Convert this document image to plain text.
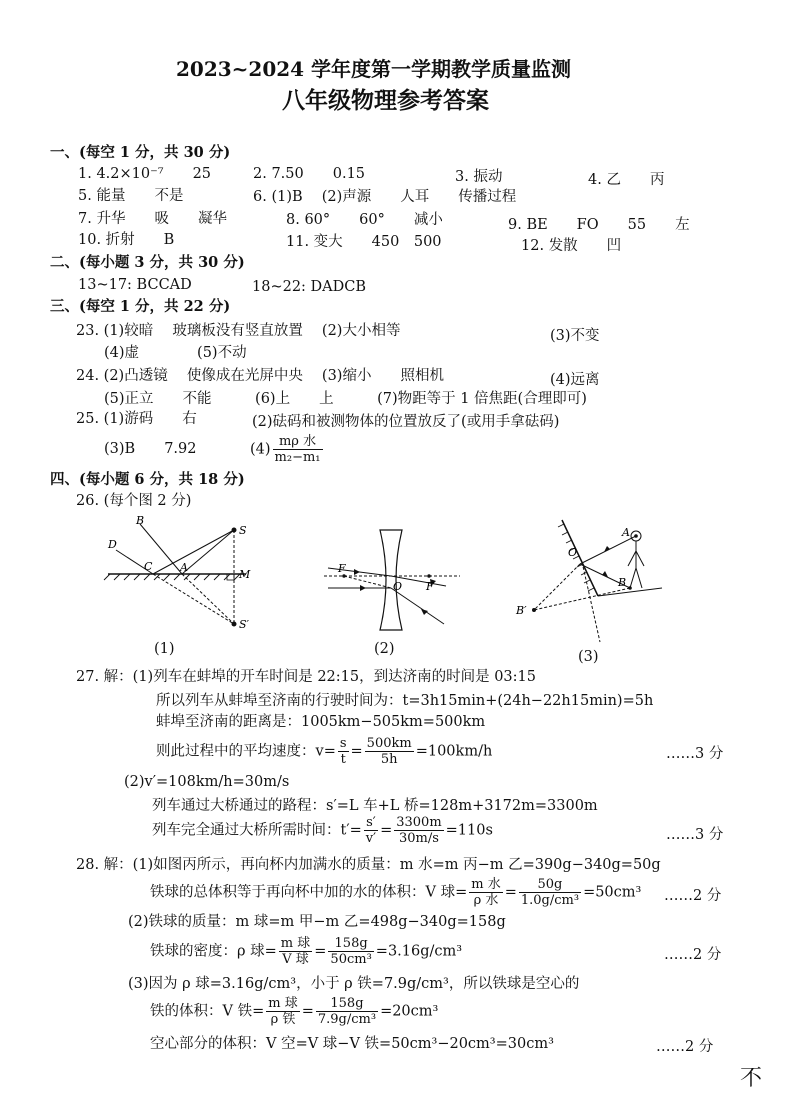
2023~2024 学年度第一学期教学质量监测
八年级物理参考答案
一、(每空 1 分，共 30 分)
1. 4.2×10⁻⁷　　25	2. 7.50　　0.15	3. 振动	4. 乙　　丙
5. 能量　　不是	6. (1)B　 (2)声源　　人耳　　传播过程
7. 升华　　吸　　凝华	8. 60°　　60°　　减小	9. BE　　FO　　55　　左
10. 折射　　B	11. 变大　　450　500	12. 发散　　凹
二、(每小题 3 分，共 30 分)
13~17: BCCAD	18~22: DADCB
三、(每空 1 分，共 22 分)
23. (1)较暗　 玻璃板没有竖直放置　 (2)大小相等	(3)不变
(4)虚　　　　(5)不动
24. (2)凸透镜　 使像成在光屏中央　 (3)缩小　　照相机	(4)远离
(5)正立　　不能　　　(6)上　　上　　　(7)物距等于 1 倍焦距(合理即可)
25. (1)游码　　右	(2)砝码和被测物体的位置放反了(或用手拿砝码)
(3)B　　7.92	$(4) \frac{\text{mρ 水}}{\text{m₂−m₁}}$
四、(每小题 6 分，共 18 分)
26. (每个图 2 分)
B
D
C	A
S
M
S′
(1)
F
O F
(2)
A
O
B
B′
(3)
27. 解：(1)列车在蚌埠的开车时间是 22:15，到达济南的时间是 03:15
所以列车从蚌埠至济南的行驶时间为：t=3h15min+(24h−22h15min)=5h
蚌埠至济南的距离是：1005km−505km=500km
则此过程中的平均速度：$v= \frac{s}{t} = \frac{500km}{5h} =100km/h$	……3 分
(2)v′=108km/h=30m/s
列车通过大桥通过的路程：s′=L 车+L 桥=128m+3172m=3300m
列车完全通过大桥所需时间：$t'= \frac{s'}{v'} = \frac{3300m}{30m/s} =110s$	……3 分
28. 解：(1)如图丙所示，再向杯内加满水的质量：m 水=m 丙−m 乙=390g−340g=50g
铁球的总体积等于再向杯中加的水的体积：V 球= $\frac{\text{m 水}}{\text{ρ 水}} = \frac{50g}{\text{1.0g/cm³}} =50cm^3$ ……2 分
(2)铁球的质量：m 球=m 甲−m 乙=498g−340g=158g
铁球的密度：ρ 球= $\frac{\text{m 球}}{\text{V 球}} = \frac{158g}{\text{50cm³}} =3.16g/cm^3$	……2 分
(3)因为 ρ 球=3.16g/cm³，小于 ρ 铁=7.9g/cm³，所以铁球是空心的
铁的体积：V 铁= $\frac{\text{m 球}}{\text{ρ 铁}} = \frac{158g}{\text{7.9g/cm³}} =20cm^3$
空心部分的体积：V 空=V 球−V 铁=50cm³−20cm³=30cm³	……2 分
不
